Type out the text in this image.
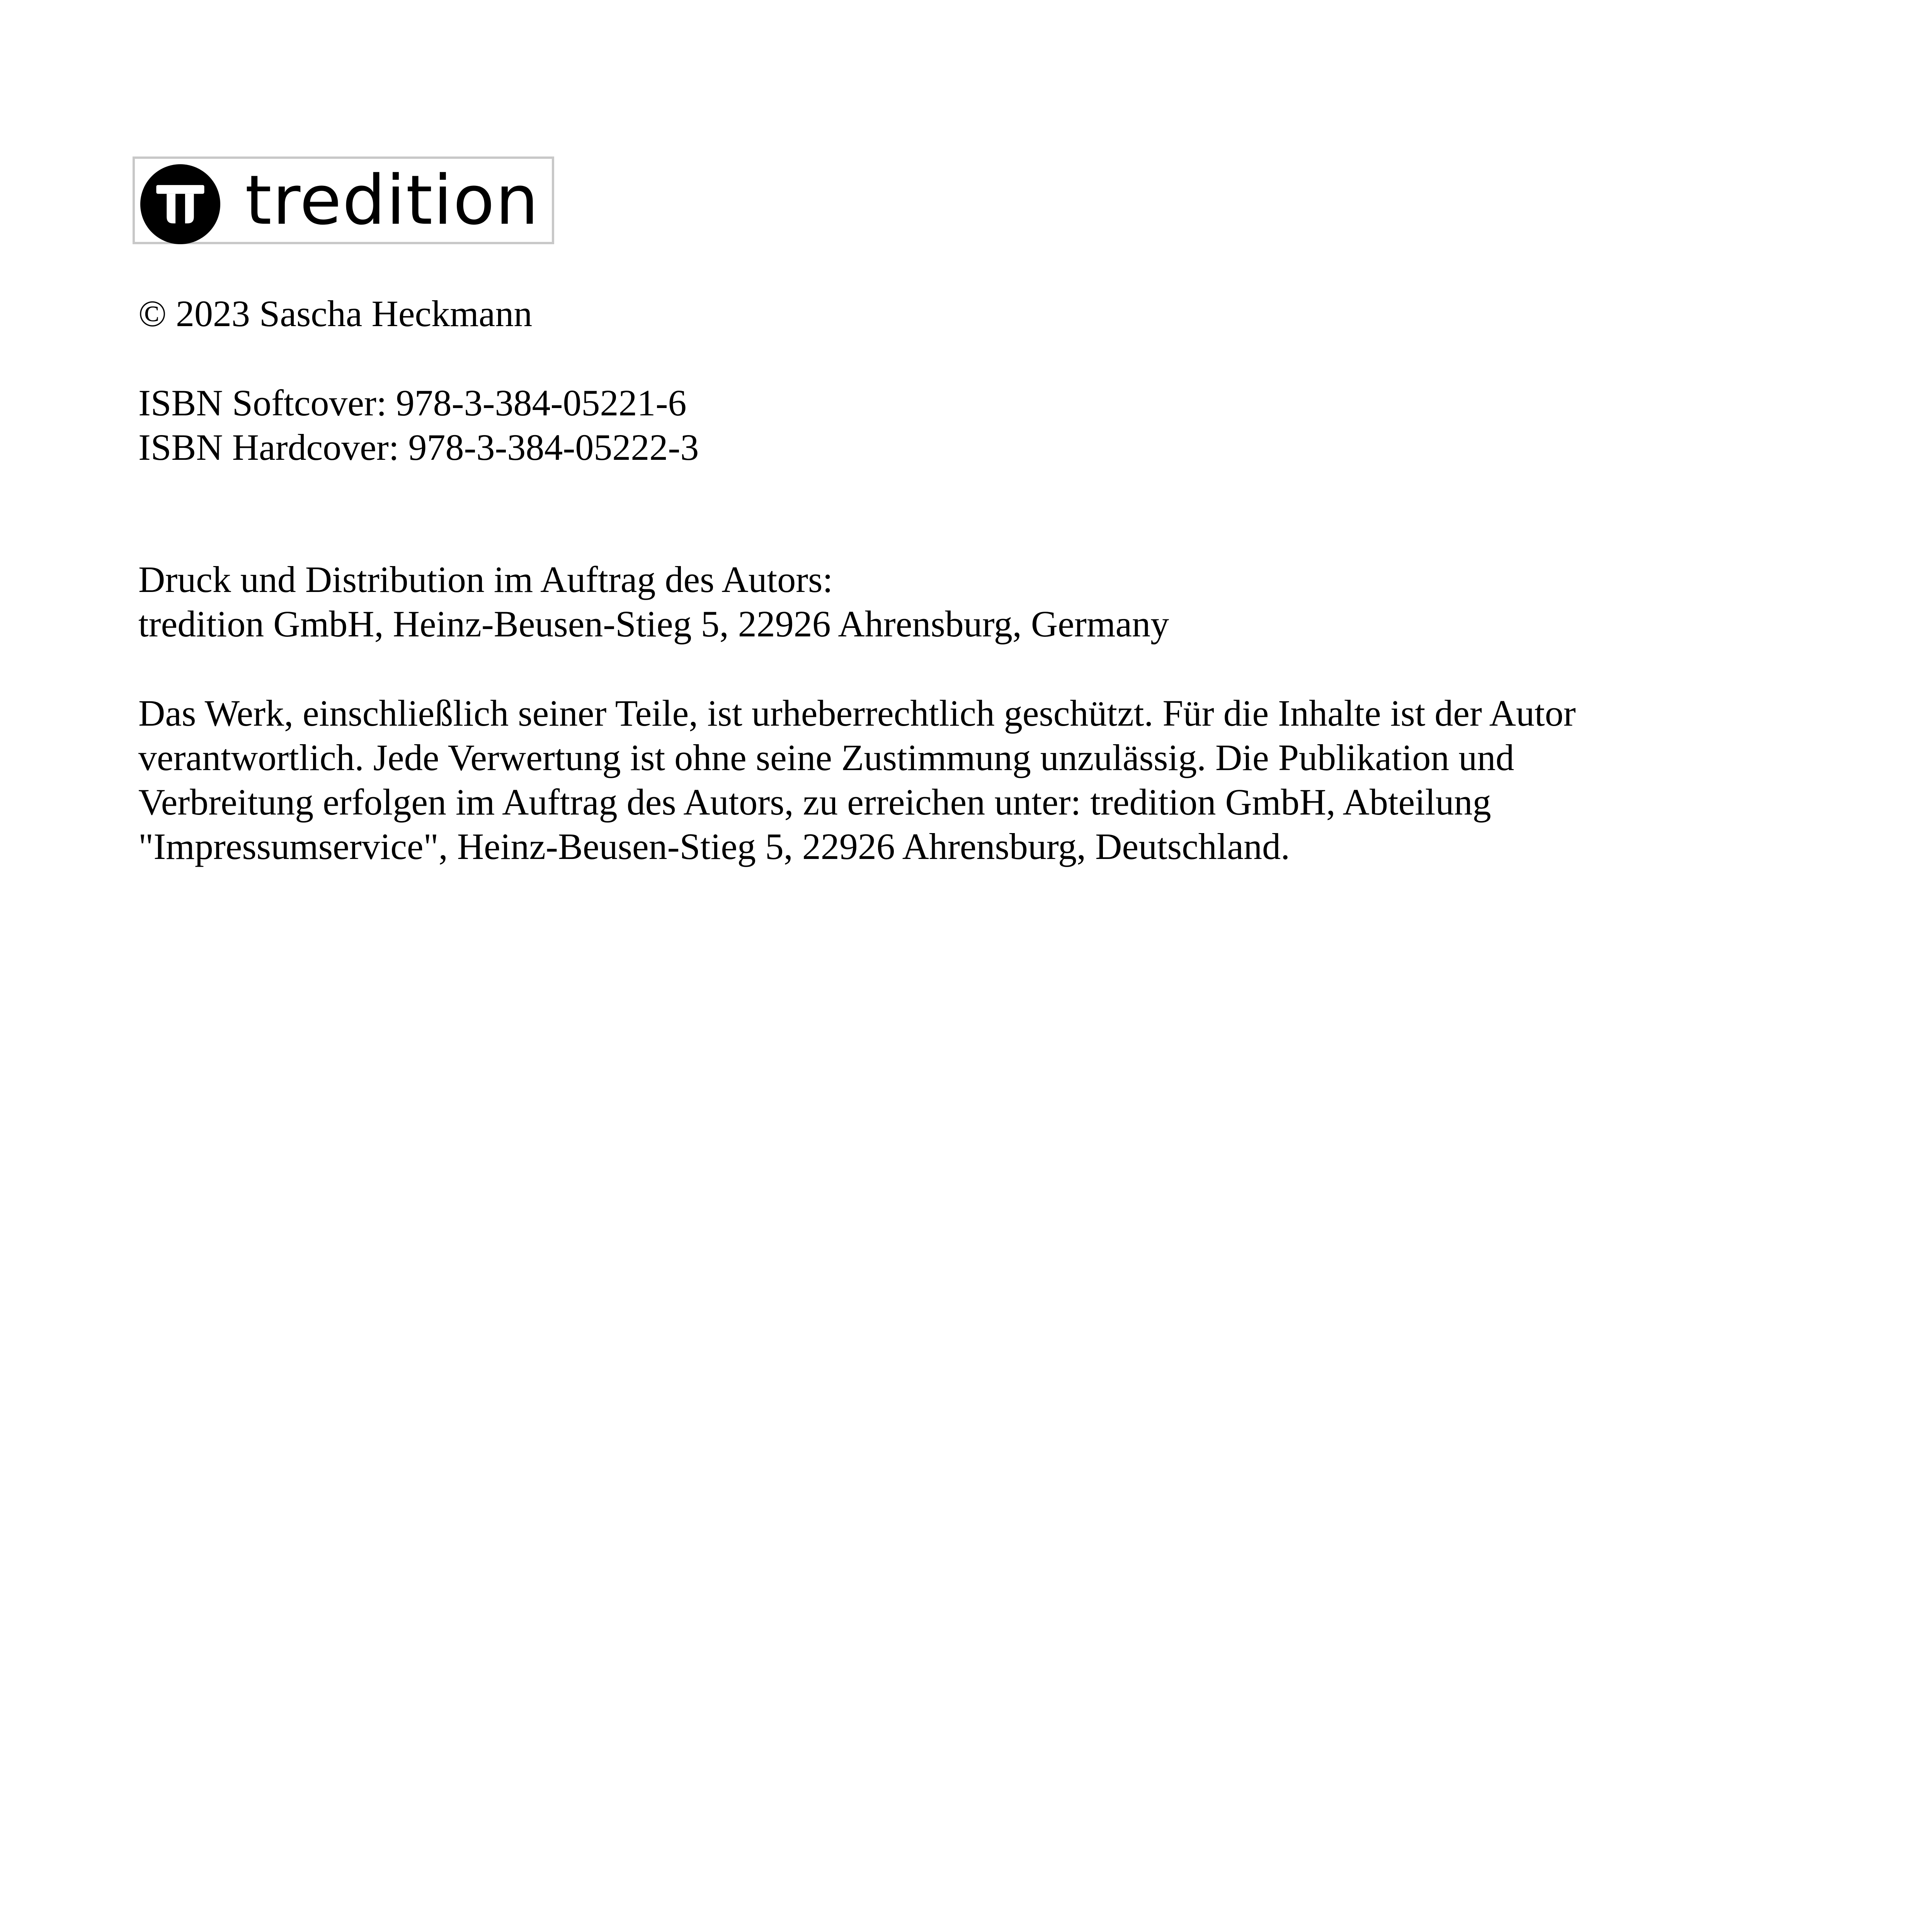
tredition
© 2023 Sascha Heckmann
ISBN Softcover: 978-3-384-05221-6
ISBN Hardcover: 978-3-384-05222-3
Druck und Distribution im Auftrag des Autors:
tredition GmbH, Heinz-Beusen-Stieg 5, 22926 Ahrensburg, Germany
Das Werk, einschließlich seiner Teile, ist urheberrechtlich geschützt. Für die Inhalte ist der Autor
verantwortlich. Jede Verwertung ist ohne seine Zustimmung unzulässig. Die Publikation und
Verbreitung erfolgen im Auftrag des Autors, zu erreichen unter: tredition GmbH, Abteilung
"Impressumservice", Heinz-Beusen-Stieg 5, 22926 Ahrensburg, Deutschland.
